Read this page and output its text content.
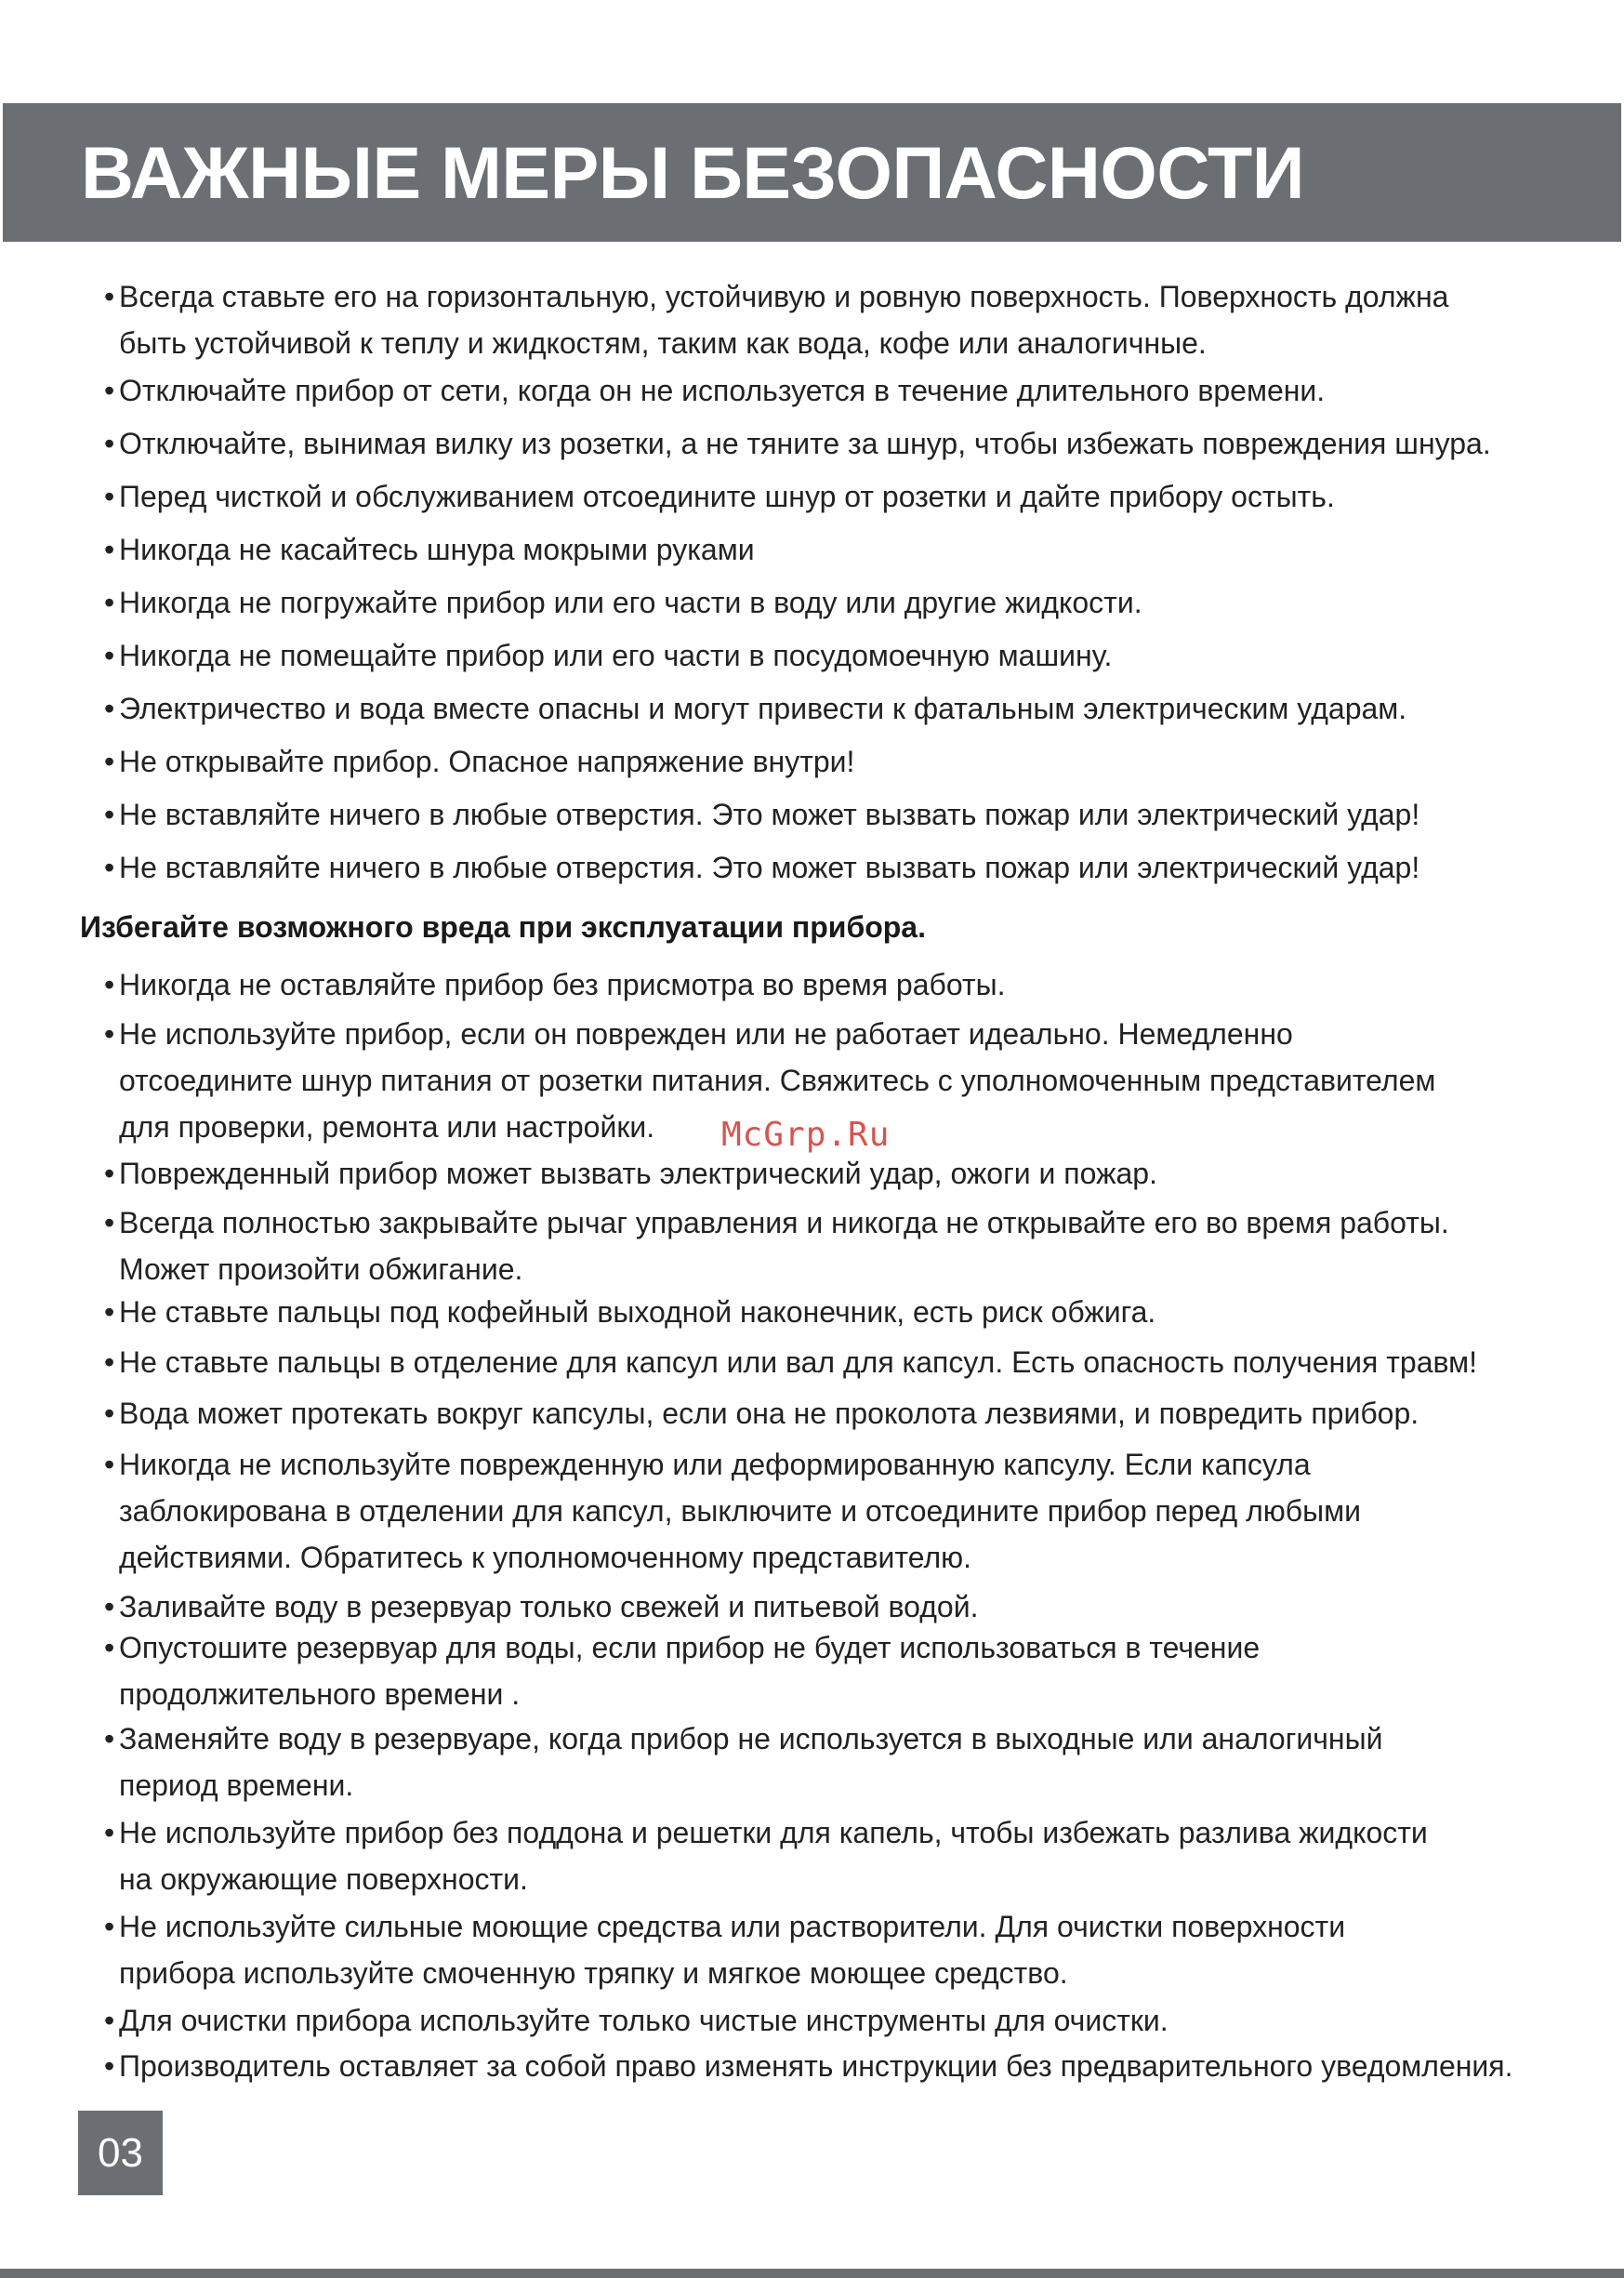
ВАЖНЫЕ МЕРЫ БЕЗОПАСНОСТИ
• Всегда ставьте его на горизонтальную, устойчивую и ровную поверхность. Поверхность должна
быть устойчивой к теплу и жидкостям, таким как вода, кофе или аналогичные.
• Отключайте прибор от сети, когда он не используется в течение длительного времени.
• Отключайте, вынимая вилку из розетки, а не тяните за шнур, чтобы избежать повреждения шнура.
• Перед чисткой и обслуживанием отсоедините шнур от розетки и дайте прибору остыть.
• Никогда не касайтесь шнура мокрыми руками
• Никогда не погружайте прибор или его части в воду или другие жидкости.
• Никогда не помещайте прибор или его части в посудомоечную машину.
• Электричество и вода вместе опасны и могут привести к фатальным электрическим ударам.
• Не открывайте прибор. Опасное напряжение внутри!
• Не вставляйте ничего в любые отверстия. Это может вызвать пожар или электрический удар!
• Не вставляйте ничего в любые отверстия. Это может вызвать пожар или электрический удар!
Избегайте возможного вреда при эксплуатации прибора.
• Никогда не оставляйте прибор без присмотра во время работы.
• Не используйте прибор, если он поврежден или не работает идеально. Немедленно
отсоедините шнур питания от розетки питания. Свяжитесь с уполномоченным представителем
для проверки, ремонта или настройки.
• Поврежденный прибор может вызвать электрический удар, ожоги и пожар.
• Всегда полностью закрывайте рычаг управления и никогда не открывайте его во время работы.
Может произойти обжигание.
• Не ставьте пальцы под кофейный выходной наконечник, есть риск обжига.
• Не ставьте пальцы в отделение для капсул или вал для капсул. Есть опасность получения травм!
• Вода может протекать вокруг капсулы, если она не проколота лезвиями, и повредить прибор.
• Никогда не используйте поврежденную или деформированную капсулу. Если капсула
заблокирована в отделении для капсул, выключите и отсоедините прибор перед любыми
действиями. Обратитесь к уполномоченному представителю.
• Заливайте воду в резервуар только свежей и питьевой водой.
• Опустошите резервуар для воды, если прибор не будет использоваться в течение
продолжительного времени .
• Заменяйте воду в резервуаре, когда прибор не используется в выходные или аналогичный
период времени.
• Не используйте прибор без поддона и решетки для капель, чтобы избежать разлива жидкости
на окружающие поверхности.
• Не используйте сильные моющие средства или растворители. Для очистки поверхности
прибора используйте смоченную тряпку и мягкое моющее средство.
• Для очистки прибора используйте только чистые инструменты для очистки.
• Производитель оставляет за собой право изменять инструкции без предварительного уведомления.
McGrp.Ru
03
